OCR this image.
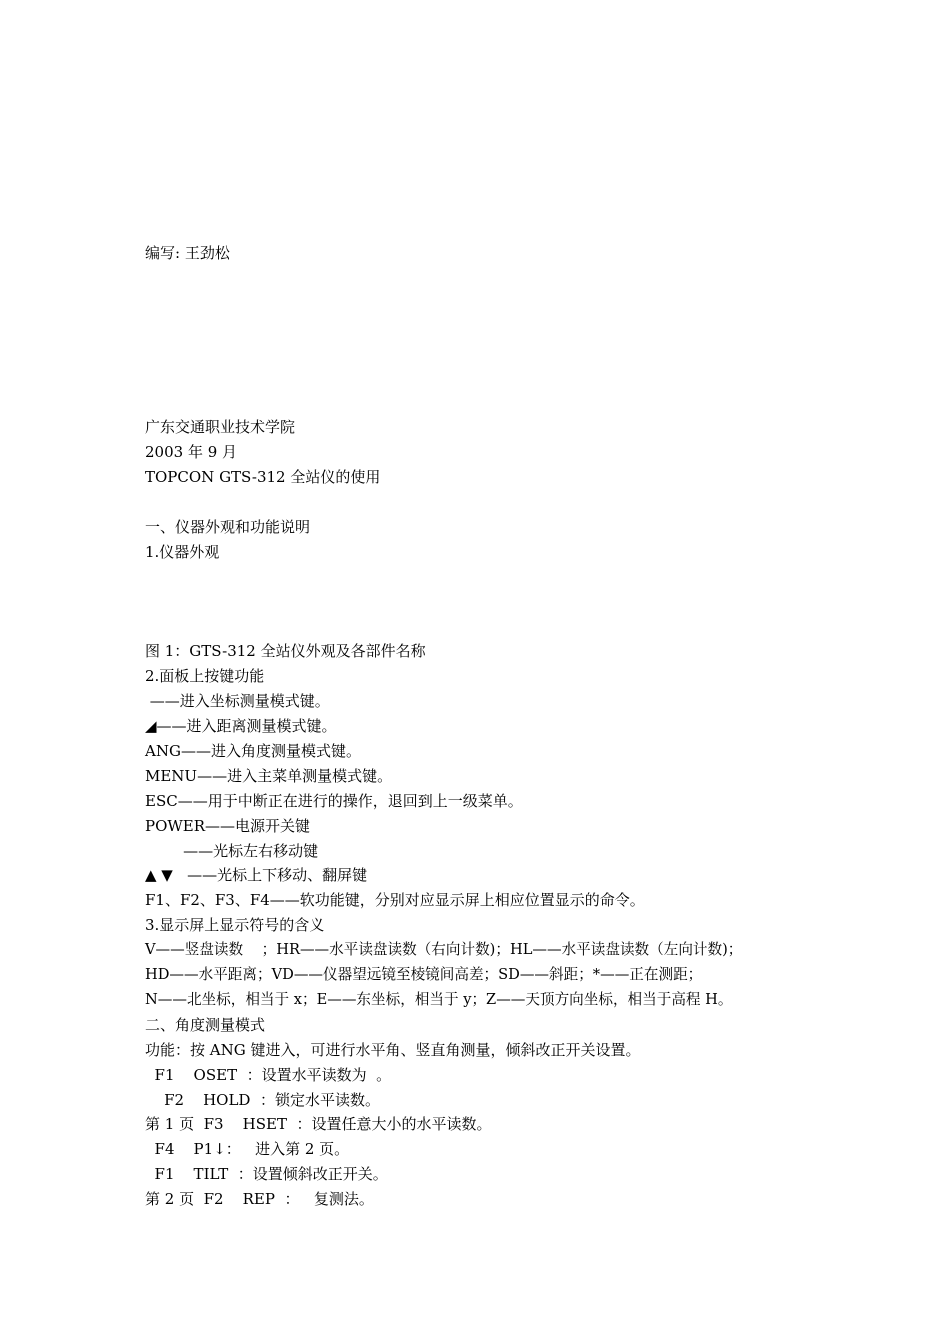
编写: 王劲松
广东交通职业技术学院
2003 年 9 月
TOPCON GTS-312 全站仪的使用
一、仪器外观和功能说明
1.仪器外观
图 1：GTS-312 全站仪外观及各部件名称
2.面板上按键功能
——进入坐标测量模式键。
◢——进入距离测量模式键。
ANG——进入角度测量模式键。
MENU——进入主菜单测量模式键。
ESC——用于中断正在进行的操作，退回到上一级菜单。
POWER——电源开关键
——光标左右移动键
▲ ▼   ——光标上下移动、翻屏键
F1、F2、F3、F4——软功能键，分别对应显示屏上相应位置显示的命令。
3.显示屏上显示符号的含义
V——竖盘读数    ；HR——水平读盘读数（右向计数)；HL——水平读盘读数（左向计数)；
HD——水平距离；VD——仪器望远镜至棱镜间高差；SD——斜距；*——正在测距；
N——北坐标，相当于 x；E——东坐标，相当于 y；Z——天顶方向坐标，相当于高程 H。
二、角度测量模式
功能：按 ANG 键进入，可进行水平角、竖直角测量，倾斜改正开关设置。
F1    OSET  ：设置水平读数为  。
F2    HOLD  ：锁定水平读数。
第 1 页  F3    HSET  ：设置任意大小的水平读数。
F4    P1↓：   进入第 2 页。
F1    TILT  ：设置倾斜改正开关。
第 2 页  F2    REP  ：   复测法。
